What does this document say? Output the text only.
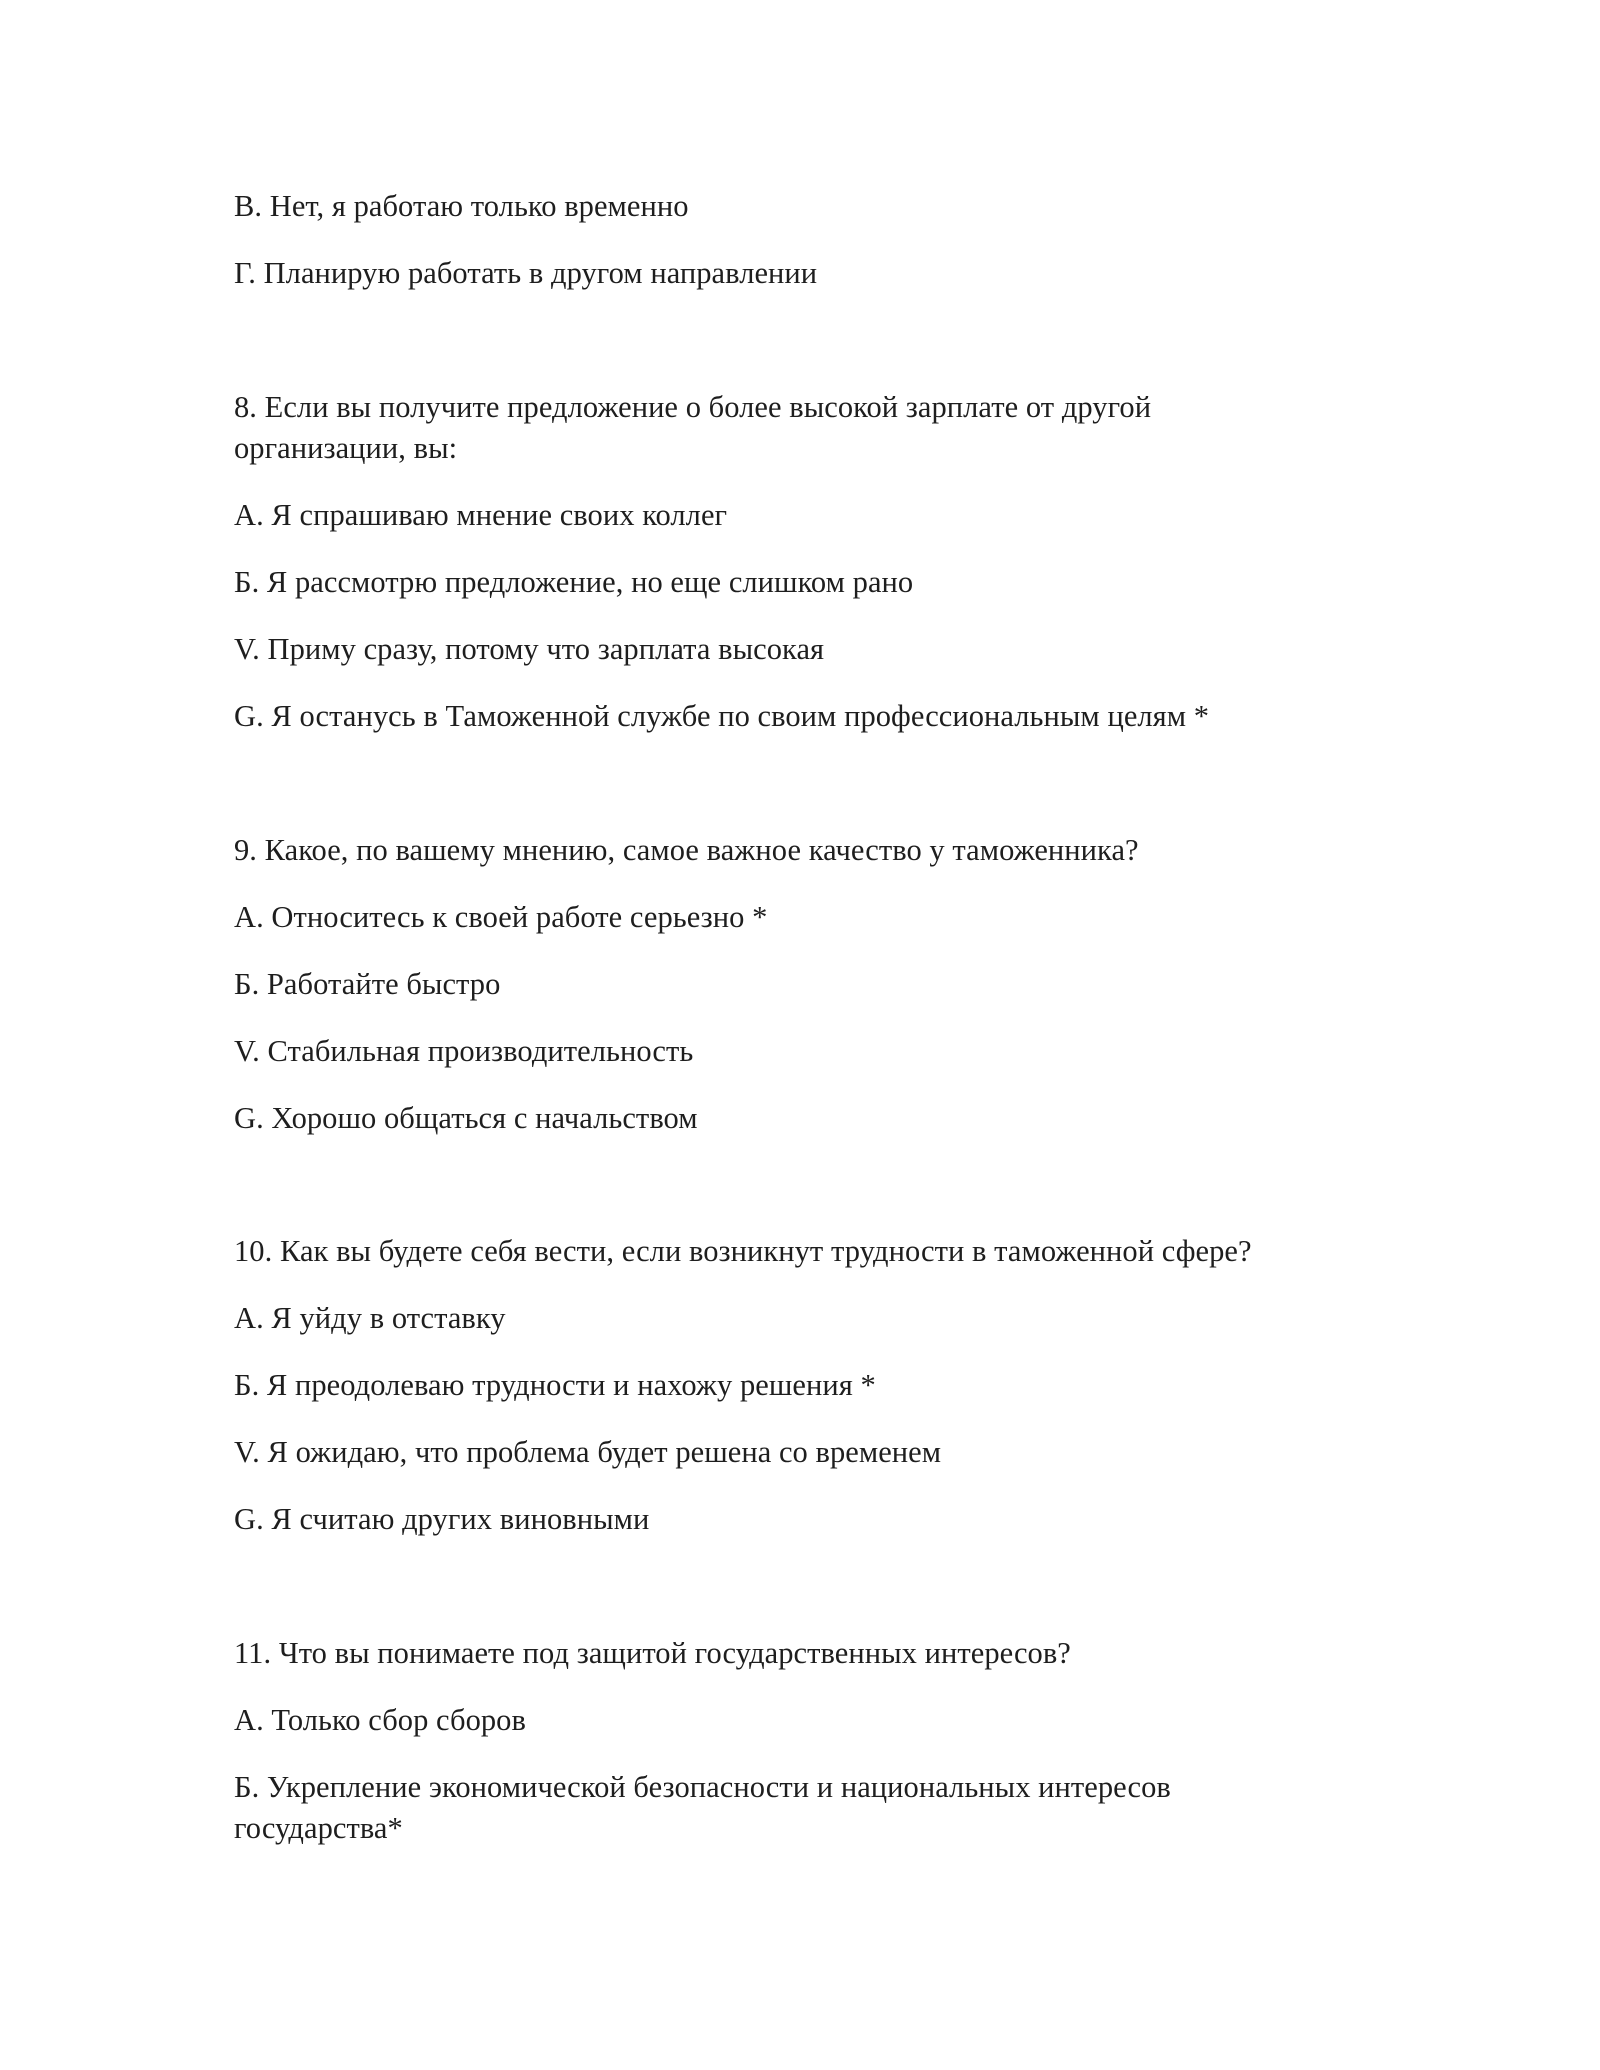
В. Нет, я работаю только временно
Г. Планирую работать в другом направлении
8. Если вы получите предложение о более высокой зарплате от другой
организации, вы:
А. Я спрашиваю мнение своих коллег
Б. Я рассмотрю предложение, но еще слишком рано
V. Приму сразу, потому что зарплата высокая
G. Я останусь в Таможенной службе по своим профессиональным целям *
9. Какое, по вашему мнению, самое важное качество у таможенника?
А. Относитесь к своей работе серьезно *
Б. Работайте быстро
V. Стабильная производительность
G. Хорошо общаться с начальством
10. Как вы будете себя вести, если возникнут трудности в таможенной сфере?
А. Я уйду в отставку
Б. Я преодолеваю трудности и нахожу решения *
V. Я ожидаю, что проблема будет решена со временем
G. Я считаю других виновными
11. Что вы понимаете под защитой государственных интересов?
А. Только сбор сборов
Б. Укрепление экономической безопасности и национальных интересов
государства*
